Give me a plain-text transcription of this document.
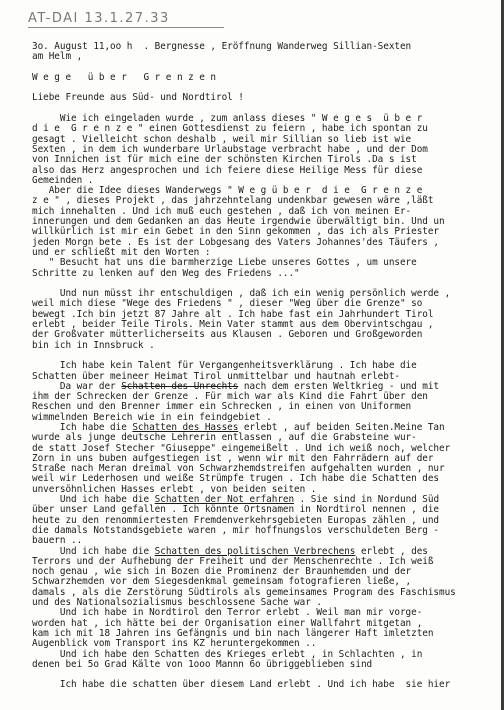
AT-DAI 13.1.27.33
3o. August 11,oo h  . Bergnesse , Eröffnung Wanderweg Sillian-Sexten
am Helm ,

W e g e   ü b e r   G r e n z e n

Liebe Freunde aus Süd- und Nordtirol !

Wie ich eingeladen wurde , zum anlass dieses " W e g e s  ü b e r
d i e  G r e n z e " einen Gottesdienst zu feiern , habe ich spontan zu
gesagt . Vielleicht schon deshalb , weil mir Sillian so lieb ist wie
Sexten , in dem ich wunderbare Urlaubstage verbracht habe , und der Dom
von Innichen ist für mich eine der schönsten Kirchen Tirols .Da s ist
also das Herz angesprochen und ich feiere diese Heilige Mess für diese
Gemeinden .
Aber die Idee dieses Wanderwegs " W e g ü b e r  d i e  G r e n z e
z e " , dieses Projekt , das jahrzehntelang undenkbar gewesen wäre ,läßt
mich innehalten . Und ich muß euch gestehen , daß ich von meinen Er-
innerungen und dem Gedanken an das Heute irgendwie überwältigt bin. Und un
willkürlich ist mir ein Gebet in den Sinn gekommen , das ich als Priester
jeden Morgn bete . Es ist der Lobgesang des Vaters Johannes'des Täufers ,
und er schließt mit den Worten :
" Besucht hat uns die barmherzige Liebe unseres Gottes , um unsere
Schritte zu lenken auf den Weg des Friedens ..."

Und nun müsst ihr entschuldigen , daß ich ein wenig persönlich werde ,
weil mich diese "Wege des Friedens " , dieser "Weg über die Grenze" so
bewegt .Ich bin jetzt 87 Jahre alt . Ich habe fast ein Jahrhundert Tirol
erlebt , beider Teile Tirols. Mein Vater stammt aus dem Obervintschgau ,
der Großvater mütterlicherseits aus Klausen . Geboren und Großgeworden
bin ich in Innsbruck .

Ich habe kein Talent für Vergangenheitsverklärung . Ich habe die
Schatten über meineer Heimat Tirol unmittelbar und hautnah erlebt-
Da war der Schatten des Unrechts nach dem ersten Weltkrieg - und mit
ihm der Schrecken der Grenze . Für mich war als Kind die Fahrt über den
Reschen und den Brenner immer ein Schrecken , in einen von Uniformen
wimmelnden Bereich wie in ein feindgebiet .
Ich habe die Schatten des Hasses erlebt , auf beiden Seiten.Meine Tan
wurde als junge deutsche Lehrerin entlassen , auf die Grabsteine wur-
de statt Josef Stecher "Giuseppe" eingemeißelt . Und ich weiß noch, welcher
Zorn in uns buben aufgestiegen ist , wenn wir mit den Fahrrädern auf der
Straße nach Meran dreimal von Schwarzhemdstreifen aufgehalten wurden , nur
weil wir Lederhosen und weiße Strümpfe trugen . Ich habe die Schatten des
unversöhnlichen Hasses erlebt , von beiden seiten .
Und ich habe die Schatten der Not erfahren . Sie sind in Nordund Süd
über unser Land gefallen . Ich könnte Ortsnamen in Nordtirol nennen , die
heute zu den renommiertesten Fremdenverkehrsgebieten Europas zählen , und
die damals Notstandsgebiete waren , mir hoffnungslos verschuldeten Berg -
bauern ..
Und ich habe die Schatten des politischen Verbrechens erlebt , des
Terrors und der Aufhebung der Freiheit und der Menschenrechte . Ich weiß
noch genau , wie sich in Bozen die Prominenz der Braunhemden und der
Schwarzhemden vor dem Siegesdenkmal gemeinsam fotografieren ließe, ,
damals , als die Zerstörung Südtirols als gemeinsames Program des Faschismus
und des Nationalsozialismus beschlossene Sache war .
Und ich habe in Nordtirol den Terror erlebt . Weil man mir vorge-
worden hat , ich hätte bei der Organisation einer Wallfahrt mitgetan ,
kam ich mit 18 Jahren ins Gefängnis und bin nach längerer Haft imletzten
Augenblick vom Transport ins KZ heruntergekommen ..
Und ich habe den Schatten des Krieges erlebt , in Schlachten , in
denen bei 5o Grad Kälte von 1ooo Mannn 6o übriggeblieben sind

Ich habe die schatten über diesem Land erlebt . Und ich habe  sie hier
